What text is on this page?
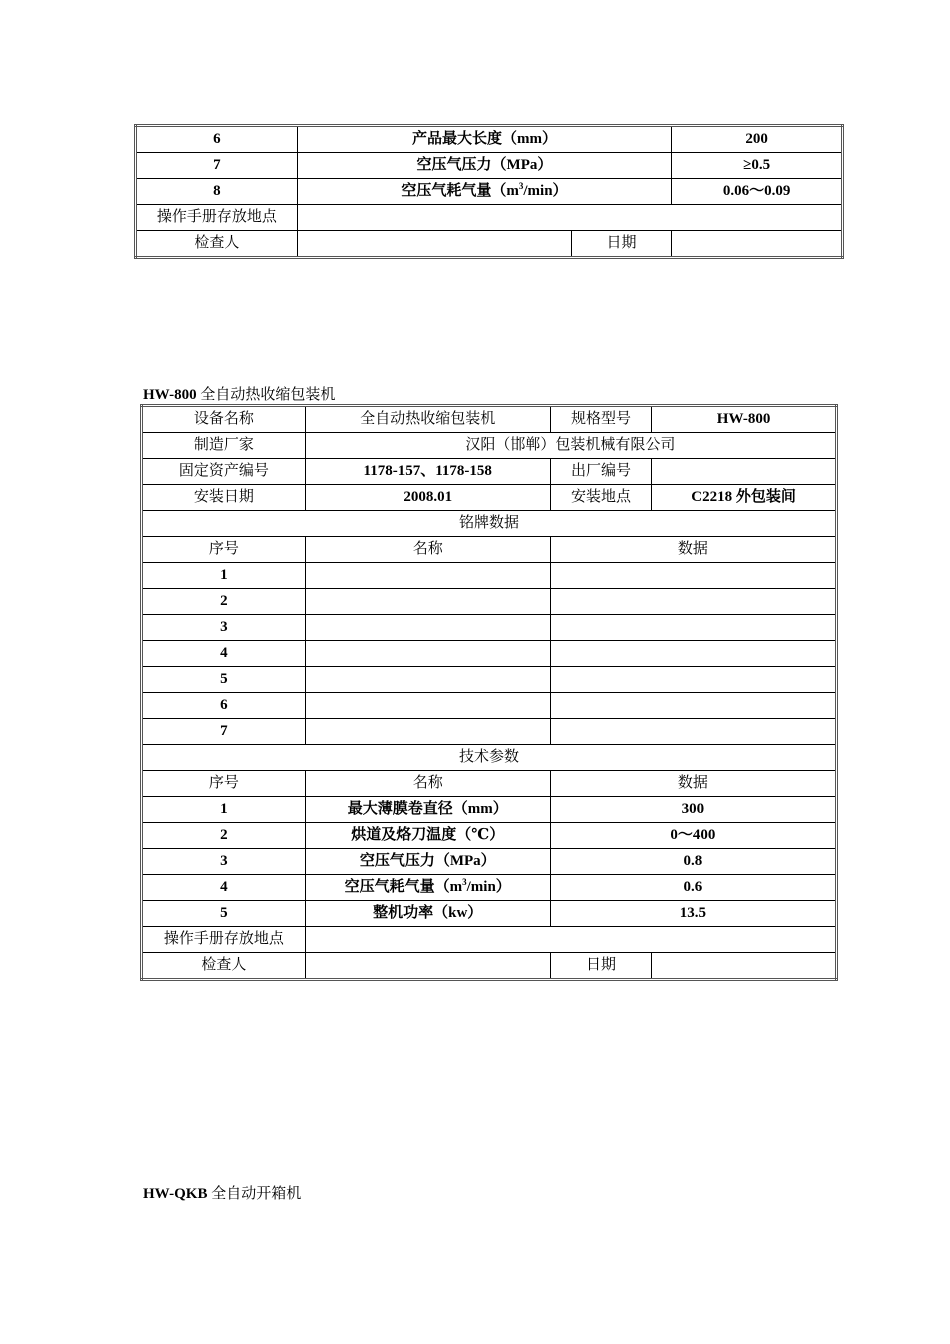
6	产品最大长度（mm）		200
7	空压气压力（MPa）		≥0.5
8	空压气耗气量$(m^3/\min)$		0.06～0.09
操作手册存放地点			
检查人		日期	
HW-800 全自动热收缩包装机
设备名称	全自动热收缩包装机	规格型号	HW-800
制造厂家	汉阳（邯郸）包装机械有限公司		
固定资产编号	1178-157、1178-158	出厂编号	
安装日期	2008.01	安装地点	C2218 外包装间
铭牌数据			
序号	名称	数据	
1			
2			
3			
4			
5			
6			
7			
技术参数			
序号	名称	数据	
1	最大薄膜卷直径（mm）	300	
2	烘道及烙刀温度（℃）	0～400	
3	空压气压力（MPa）	0.8	
4	空压气耗气量$(m^3/\min)$	0.6	
5	整机功率（kw）	13.5	
操作手册存放地点			
检查人		日期	
HW-QKB 全自动开箱机
